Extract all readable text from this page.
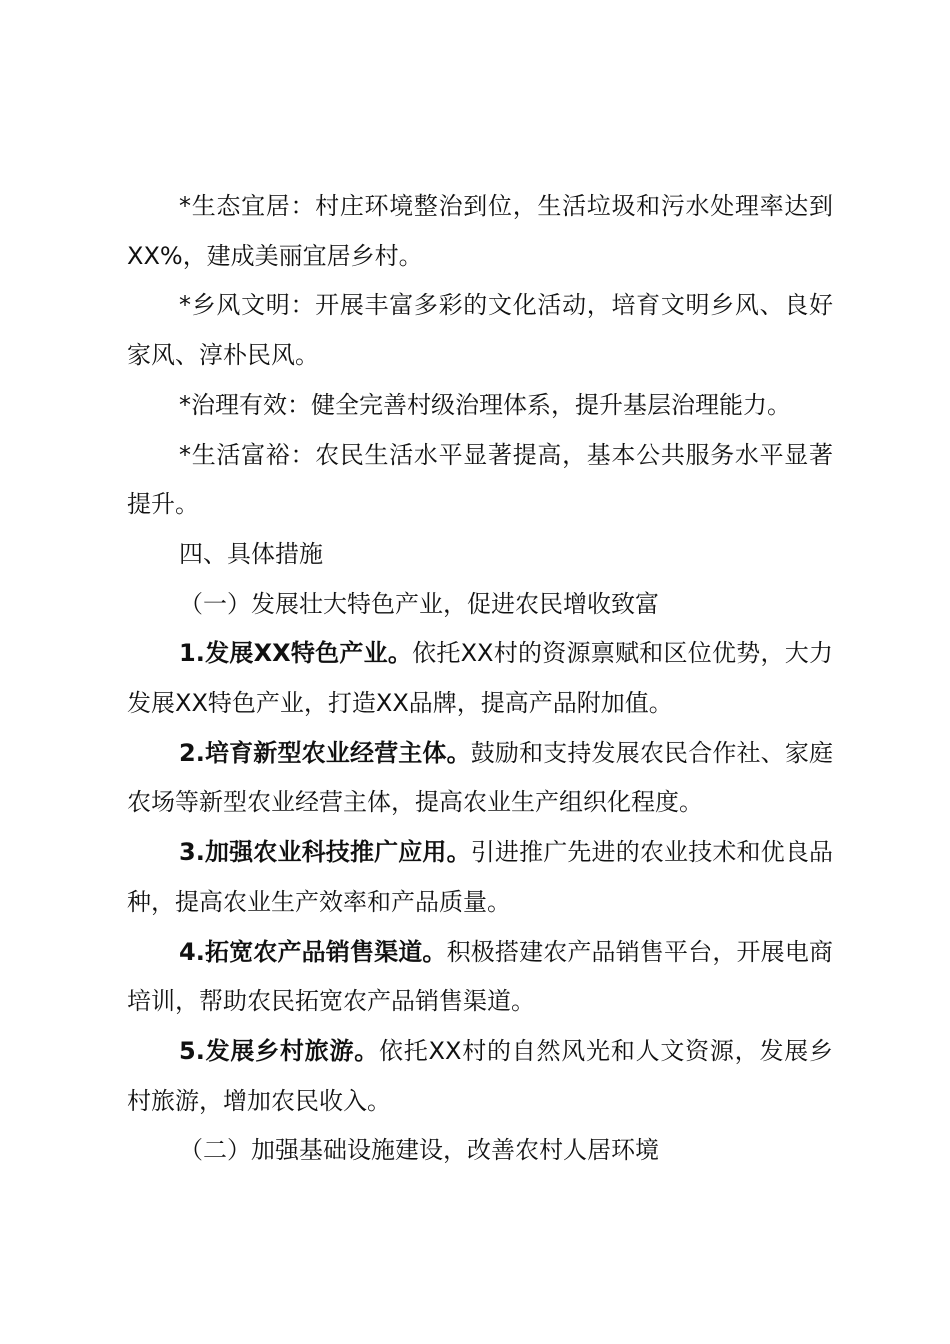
*生态宜居：村庄环境整治到位，生活垃圾和污水处理率达到XX%，建成美丽宜居乡村。

*乡风文明：开展丰富多彩的文化活动，培育文明乡风、良好家风、淳朴民风。

*治理有效：健全完善村级治理体系，提升基层治理能力。

*生活富裕：农民生活水平显著提高，基本公共服务水平显著提升。

四、具体措施

（一）发展壮大特色产业，促进农民增收致富

1.发展XX特色产业。依托XX村的资源禀赋和区位优势，大力发展XX特色产业，打造XX品牌，提高产品附加值。

2.培育新型农业经营主体。鼓励和支持发展农民合作社、家庭农场等新型农业经营主体，提高农业生产组织化程度。

3.加强农业科技推广应用。引进推广先进的农业技术和优良品种，提高农业生产效率和产品质量。

4.拓宽农产品销售渠道。积极搭建农产品销售平台，开展电商培训，帮助农民拓宽农产品销售渠道。

5.发展乡村旅游。依托XX村的自然风光和人文资源，发展乡村旅游，增加农民收入。

（二）加强基础设施建设，改善农村人居环境
